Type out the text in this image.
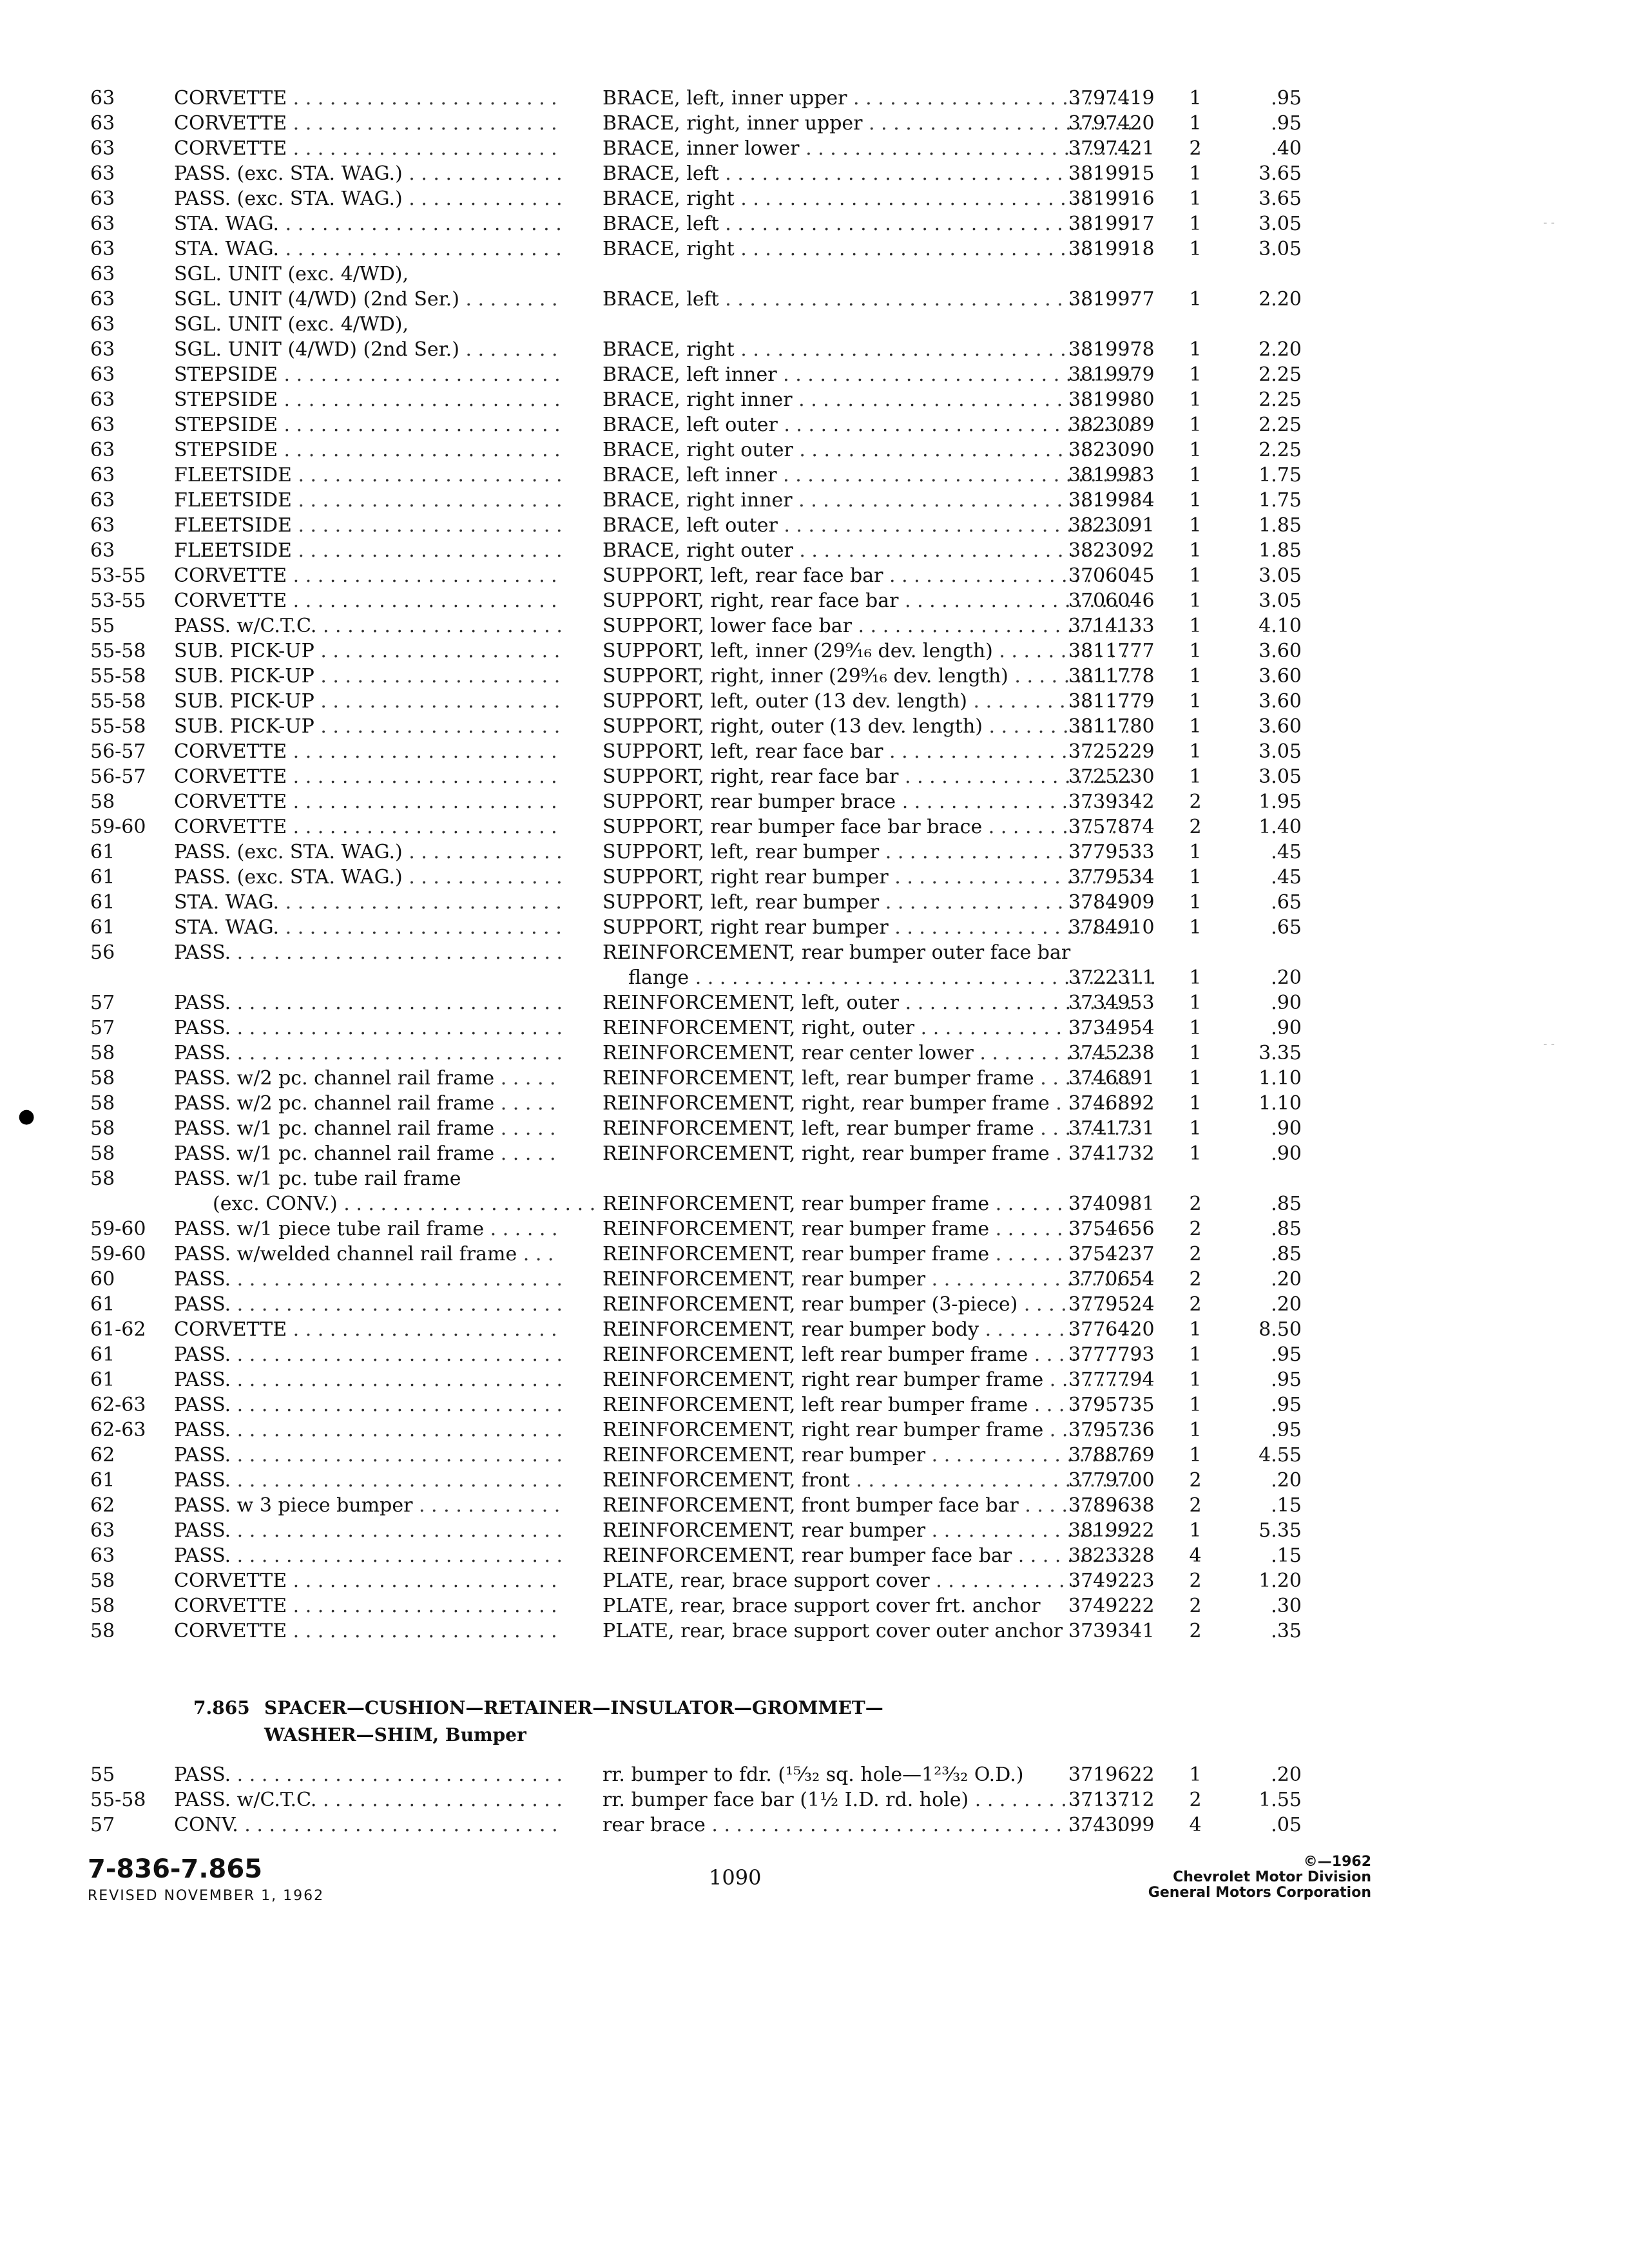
63	CORVETTE . . .	BRACE, left, inner upper . . .	3797419	1	.95
63	CORVETTE . . .	BRACE, right, inner upper . . .	3797420	1	.95
63	CORVETTE . . .	BRACE, inner lower . . .	3797421	2	.40
63	PASS. (exc. STA. WAG.) . . .	BRACE, left . . .	3819915	1	3.65
63	PASS. (exc. STA. WAG.) . . .	BRACE, right . . .	3819916	1	3.65
63	STA. WAG. . . .	BRACE, left . . .	3819917	1	3.05
63	STA. WAG. . . .	BRACE, right . . .	3819918	1	3.05
63	SGL. UNIT (exc. 4/WD),
63	SGL. UNIT (4/WD) (2nd Ser.) . . .	BRACE, left . . .	3819977	1	2.20
63	SGL. UNIT (exc. 4/WD),
63	SGL. UNIT (4/WD) (2nd Ser.) . . .	BRACE, right . . .	3819978	1	2.20
63	STEPSIDE . . .	BRACE, left inner . . .	3819979	1	2.25
63	STEPSIDE . . .	BRACE, right inner . . .	3819980	1	2.25
63	STEPSIDE . . .	BRACE, left outer . . .	3823089	1	2.25
63	STEPSIDE . . .	BRACE, right outer . . .	3823090	1	2.25
63	FLEETSIDE . . .	BRACE, left inner . . .	3819983	1	1.75
63	FLEETSIDE . . .	BRACE, right inner . . .	3819984	1	1.75
63	FLEETSIDE . . .	BRACE, left outer . . .	3823091	1	1.85
63	FLEETSIDE . . .	BRACE, right outer . . .	3823092	1	1.85
53-55	CORVETTE . . .	SUPPORT, left, rear face bar . . .	3706045	1	3.05
53-55	CORVETTE . . .	SUPPORT, right, rear face bar . . .	3706046	1	3.05
55	PASS. w/C.T.C. . . .	SUPPORT, lower face bar . . .	3714133	1	4.10
55-58	SUB. PICK-UP . . .	SUPPORT, left, inner (29⁹⁄₁₆ dev. length) . . .	3811777	1	3.60
55-58	SUB. PICK-UP . . .	SUPPORT, right, inner (29⁹⁄₁₆ dev. length) . . .	3811778	1	3.60
55-58	SUB. PICK-UP . . .	SUPPORT, left, outer (13 dev. length) . . .	3811779	1	3.60
55-58	SUB. PICK-UP . . .	SUPPORT, right, outer (13 dev. length) . . .	3811780	1	3.60
56-57	CORVETTE . . .	SUPPORT, left, rear face bar . . .	3725229	1	3.05
56-57	CORVETTE . . .	SUPPORT, right, rear face bar . . .	3725230	1	3.05
58	CORVETTE . . .	SUPPORT, rear bumper brace . . .	3739342	2	1.95
59-60	CORVETTE . . .	SUPPORT, rear bumper face bar brace . . .	3757874	2	1.40
61	PASS. (exc. STA. WAG.) . . .	SUPPORT, left, rear bumper . . .	3779533	1	.45
61	PASS. (exc. STA. WAG.) . . .	SUPPORT, right rear bumper . . .	3779534	1	.45
61	STA. WAG. . . .	SUPPORT, left, rear bumper . . .	3784909	1	.65
61	STA. WAG. . . .	SUPPORT, right rear bumper . . .	3784910	1	.65
56	PASS. . . .	REINFORCEMENT, rear bumper outer face bar
flange . . .	3722311	1	.20
57	PASS. . . .	REINFORCEMENT, left, outer . . .	3734953	1	.90
57	PASS. . . .	REINFORCEMENT, right, outer . . .	3734954	1	.90
58	PASS. . . .	REINFORCEMENT, rear center lower . . .	3745238	1	3.35
58	PASS. w/2 pc. channel rail frame . . .	REINFORCEMENT, left, rear bumper frame . . .	3746891	1	1.10
58	PASS. w/2 pc. channel rail frame . . .	REINFORCEMENT, right, rear bumper frame . . . 3746892	1	1.10
58	PASS. w/1 pc. channel rail frame . . .	REINFORCEMENT, left, rear bumper frame . . .	3741731	1	.90
58	PASS. w/1 pc. channel rail frame . . .	REINFORCEMENT, right, rear bumper frame . . . 3741732	1	.90
58	PASS. w/1 pc. tube rail frame
(exc. CONV.) . . .	REINFORCEMENT, rear bumper frame . . .	3740981	2	.85
59-60	PASS. w/1 piece tube rail frame . . .	REINFORCEMENT, rear bumper frame . . .	3754656	2	.85
59-60	PASS. w/welded channel rail frame . . .	REINFORCEMENT, rear bumper frame . . .	3754237	2	.85
60	PASS. . . .	REINFORCEMENT, rear bumper . . .	3770654	2	.20
61	PASS. . . .	REINFORCEMENT, rear bumper (3-piece) . . .	3779524	2	.20
61-62	CORVETTE . . .	REINFORCEMENT, rear bumper body . . .	3776420	1	8.50
61	PASS. . . .	REINFORCEMENT, left rear bumper frame . . .	3777793	1	.95
61	PASS. . . .	REINFORCEMENT, right rear bumper frame . . .	3777794	1	.95
62-63	PASS. . . .	REINFORCEMENT, left rear bumper frame . . .	3795735	1	.95
62-63	PASS. . . .	REINFORCEMENT, right rear bumper frame . . .	3795736	1	.95
62	PASS. . . .	REINFORCEMENT, rear bumper . . .	3788769	1	4.55
61	PASS. . . .	REINFORCEMENT, front . . .	3779700	2	.20
62	PASS. w 3 piece bumper . . .	REINFORCEMENT, front bumper face bar . . .	3789638	2	.15
63	PASS. . . .	REINFORCEMENT, rear bumper . . .	3819922	1	5.35
63	PASS. . . .	REINFORCEMENT, rear bumper face bar . . .	3823328	4	.15
58	CORVETTE . . .	PLATE, rear, brace support cover . . .	3749223	2	1.20
58	CORVETTE . . .	PLATE, rear, brace support cover frt. anchor	3749222	2	.30
58	CORVETTE . . .	PLATE, rear, brace support cover outer anchor 3739341	2	.35
7.865 SPACER—CUSHION—RETAINER—INSULATOR—GROMMET—
WASHER—SHIM, Bumper
55	PASS. . . .	rr. bumper to fdr. (¹⁵⁄₃₂ sq. hole—1²³⁄₃₂ O.D.)	3719622	1	.20
55-58	PASS. w/C.T.C. . . .	rr. bumper face bar (1½ I.D. rd. hole) . . .	3713712	2	1.55
57	CONV. . . .	rear brace . . .	3743099	4	.05
7-836-7.865
REVISED NOVEMBER 1, 1962
1090
©—1962
Chevrolet Motor Division
General Motors Corporation
●
- -
- -
